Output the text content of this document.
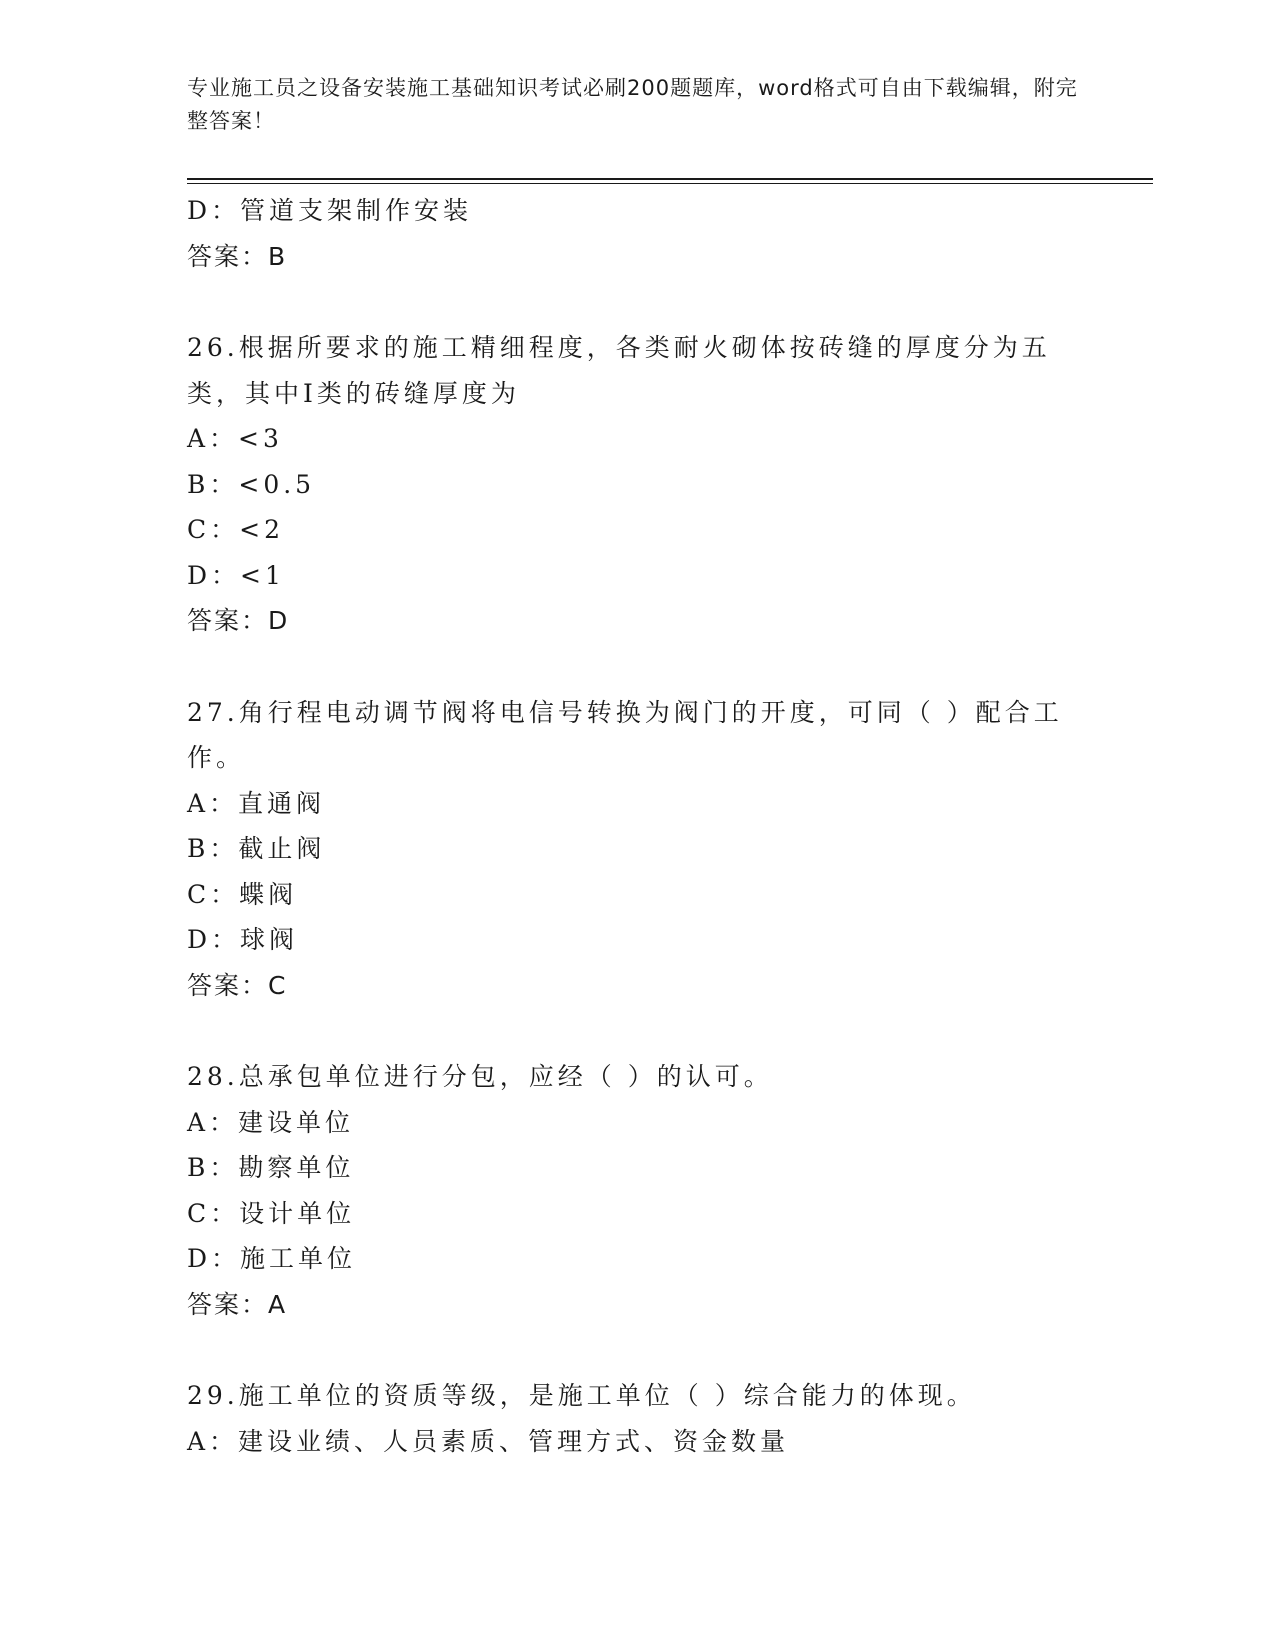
专业施工员之设备安装施工基础知识考试必刷200题题库，word格式可自由下载编辑，附完整答案！
D：管道支架制作安装
答案：B
26.根据所要求的施工精细程度，各类耐火砌体按砖缝的厚度分为五类，其中Ⅰ类的砖缝厚度为
A：<3
B：<0.5
C：<2
D：<1
答案：D
27.角行程电动调节阀将电信号转换为阀门的开度，可同（ ）配合工作。
A：直通阀
B：截止阀
C：蝶阀
D：球阀
答案：C
28.总承包单位进行分包，应经（ ）的认可。
A：建设单位
B：勘察单位
C：设计单位
D：施工单位
答案：A
29.施工单位的资质等级，是施工单位（ ）综合能力的体现。
A：建设业绩、人员素质、管理方式、资金数量
